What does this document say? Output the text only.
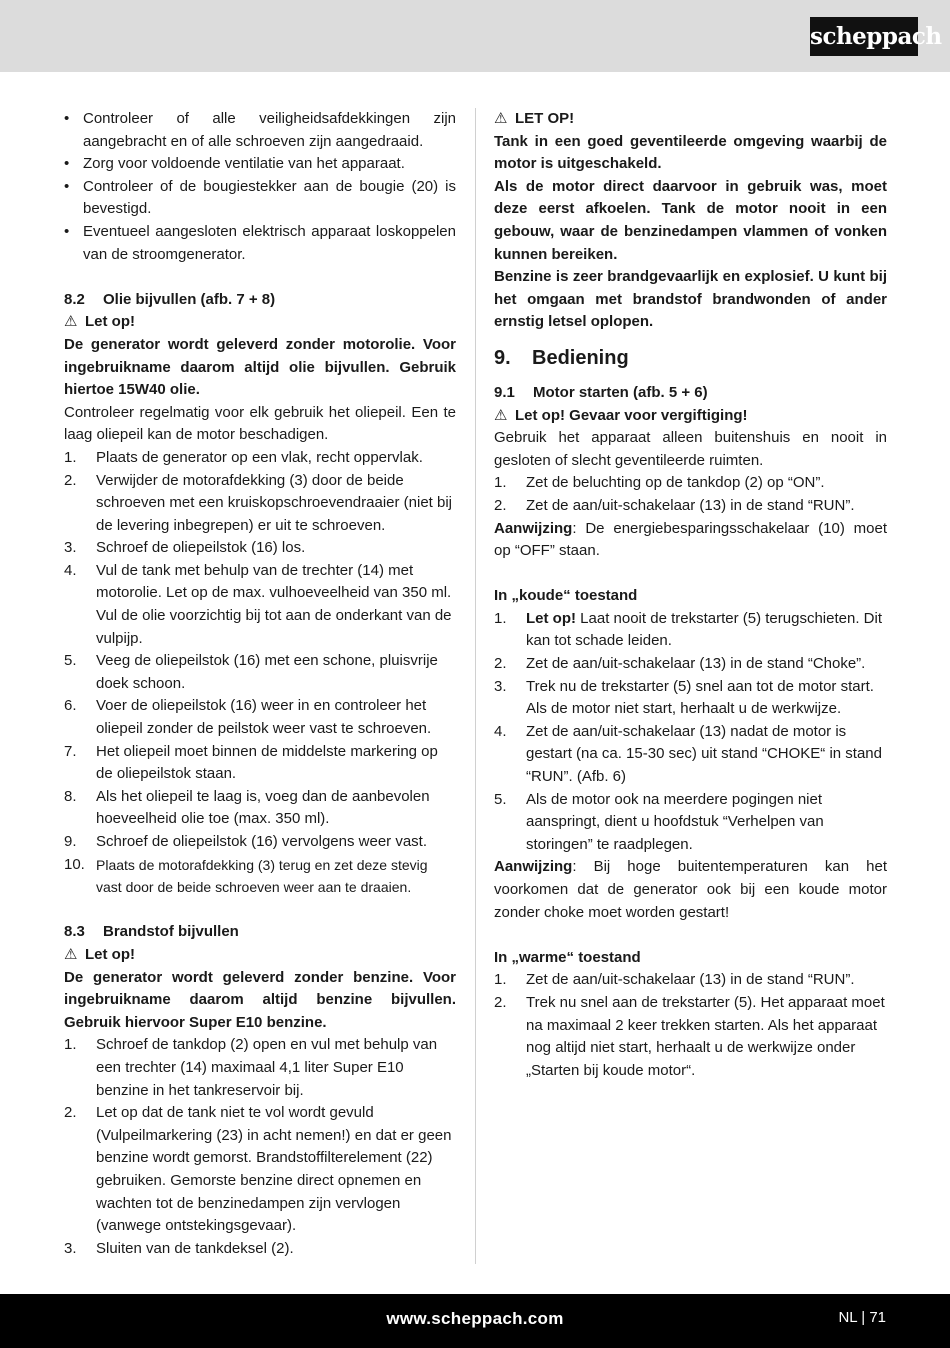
scheppach
• Controleer of alle veiligheidsafdekkingen zijn aangebracht en of alle schroeven zijn aangedraaid.
• Zorg voor voldoende ventilatie van het apparaat.
• Controleer of de bougiestekker aan de bougie (20) is bevestigd.
• Eventueel aangesloten elektrisch apparaat loskoppelen van de stroomgenerator.
8.2	Olie bijvullen (afb. 7 + 8)
⚠ Let op!

De generator wordt geleverd zonder motorolie. Voor ingebruikname daarom altijd olie bijvullen. Gebruik hiertoe 15W40 olie.

Controleer regelmatig voor elk gebruik het oliepeil. Een te laag oliepeil kan de motor beschadigen.

1.	Plaats de generator op een vlak, recht oppervlak.
2.	Verwijder de motorafdekking (3) door de beide schroeven met een kruiskopschroevendraaier (niet bij de levering inbegrepen) er uit te schroeven.
3.	Schroef de oliepeilstok (16) los.
4.	Vul de tank met behulp van de trechter (14) met motorolie. Let op de max. vulhoeveelheid van 350 ml. Vul de olie voorzichtig bij tot aan de onderkant van de vulpijp.
5.	Veeg de oliepeilstok (16) met een schone, pluisvrije doek schoon.
6.	Voer de oliepeilstok (16) weer in en controleer het oliepeil zonder de peilstok weer vast te schroeven.
7.	Het oliepeil moet binnen de middelste markering op de oliepeilstok staan.
8.	Als het oliepeil te laag is, voeg dan de aanbevolen hoeveelheid olie toe (max. 350 ml).
9.	Schroef de oliepeilstok (16) vervolgens weer vast.
10. Plaats de motorafdekking (3) terug en zet deze stevig vast door de beide schroeven weer aan te draaien.
8.3	Brandstof bijvullen
⚠ Let op!

De generator wordt geleverd zonder benzine. Voor ingebruikname daarom altijd benzine bijvullen. Gebruik hiervoor Super E10 benzine.

1.	Schroef de tankdop (2) open en vul met behulp van een trechter (14) maximaal 4,1 liter Super E10 benzine in het tankreservoir bij.
2.	Let op dat de tank niet te vol wordt gevuld (Vulpeilmarkering (23) in acht nemen!) en dat er geen benzine wordt gemorst. Brandstoffilterelement (22) gebruiken. Gemorste benzine direct opnemen en wachten tot de benzinedampen zijn vervlogen (vanwege ontstekingsgevaar).
3.	Sluiten van de tankdeksel (2).
⚠ LET OP!

Tank in een goed geventileerde omgeving waarbij de motor is uitgeschakeld.

Als de motor direct daarvoor in gebruik was, moet deze eerst afkoelen. Tank de motor nooit in een gebouw, waar de benzinedampen vlammen of vonken kunnen bereiken.

Benzine is zeer brandgevaarlijk en explosief. U kunt bij het omgaan met brandstof brandwonden of ander ernstig letsel oplopen.

9.	Bediening
9.1	Motor starten (afb. 5 + 6)
⚠ Let op! Gevaar voor vergiftiging!

Gebruik het apparaat alleen buitenshuis en nooit in gesloten of slecht geventileerde ruimten.

1.	Zet de beluchting op de tankdop (2) op “ON”.
2.	Zet de aan/uit-schakelaar (13) in de stand “RUN”.

Aanwijzing: De energiebesparingsschakelaar (10) moet op “OFF” staan.

In „koude“ toestand
1.	Let op! Laat nooit de trekstarter (5) terugschieten. Dit kan tot schade leiden.
2.	Zet de aan/uit-schakelaar (13) in de stand “Choke”.
3.	Trek nu de trekstarter (5) snel aan tot de motor start. Als de motor niet start, herhaalt u de werkwijze.
4.	Zet de aan/uit-schakelaar (13) nadat de motor is gestart (na ca. 15-30 sec) uit stand “CHOKE“ in stand “RUN”. (Afb. 6)
5.	Als de motor ook na meerdere pogingen niet aanspringt, dient u hoofdstuk “Verhelpen van storingen” te raadplegen.

Aanwijzing: Bij hoge buitentemperaturen kan het voorkomen dat de generator ook bij een koude motor zonder choke moet worden gestart!

In „warme“ toestand
1.	Zet de aan/uit-schakelaar (13) in de stand “RUN”.
2.	Trek nu snel aan de trekstarter (5). Het apparaat moet na maximaal 2 keer trekken starten. Als het apparaat nog altijd niet start, herhaalt u de werkwijze onder „Starten bij koude motor“.
www.scheppach.com	NL | 71
